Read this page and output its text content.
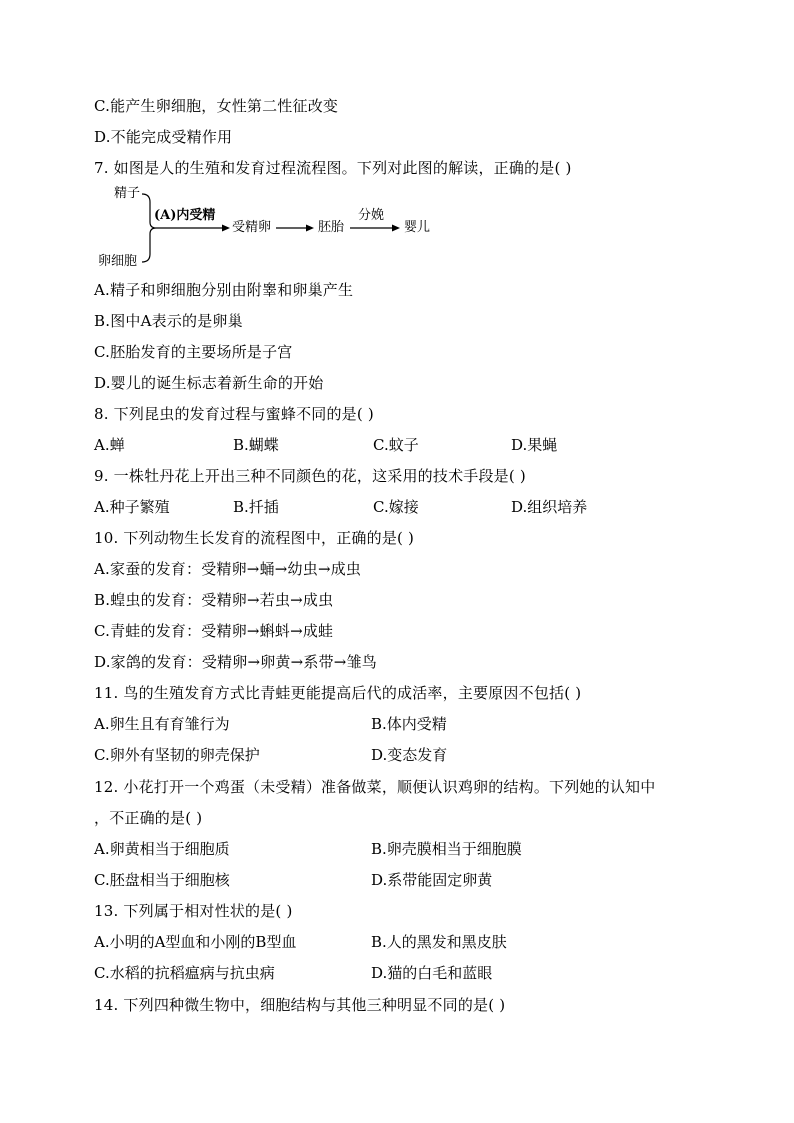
C.能产生卵细胞，女性第二性征改变
D.不能完成受精作用
7. 如图是人的生殖和发育过程流程图。下列对此图的解读，正确的是( )
精子
卵细胞
(A)内受精
受精卵	胚胎
分娩
婴儿
A.精子和卵细胞分别由附睾和卵巢产生
B.图中A表示的是卵巢
C.胚胎发育的主要场所是子宫
D.婴儿的诞生标志着新生命的开始
8. 下列昆虫的发育过程与蜜蜂不同的是( )
A.蝉	B.蝴蝶	C.蚊子	D.果蝇
9. 一株牡丹花上开出三种不同颜色的花，这采用的技术手段是( )
A.种子繁殖	B.扦插	C.嫁接	D.组织培养
10. 下列动物生长发育的流程图中，正确的是( )
A.家蚕的发育：受精卵→蛹→幼虫→成虫
B.蝗虫的发育：受精卵→若虫→成虫
C.青蛙的发育：受精卵→蝌蚪→成蛙
D.家鸽的发育：受精卵→卵黄→系带→雏鸟
11. 鸟的生殖发育方式比青蛙更能提高后代的成活率，主要原因不包括( )
A.卵生且有育雏行为	B.体内受精
C.卵外有坚韧的卵壳保护	D.变态发育
12. 小花打开一个鸡蛋（未受精）准备做菜，顺便认识鸡卵的结构。下列她的认知中
，不正确的是( )
A.卵黄相当于细胞质	B.卵壳膜相当于细胞膜
C.胚盘相当于细胞核	D.系带能固定卵黄
13. 下列属于相对性状的是( )
A.小明的A型血和小刚的B型血	B.人的黑发和黑皮肤
C.水稻的抗稻瘟病与抗虫病	D.猫的白毛和蓝眼
14. 下列四种微生物中，细胞结构与其他三种明显不同的是( )
